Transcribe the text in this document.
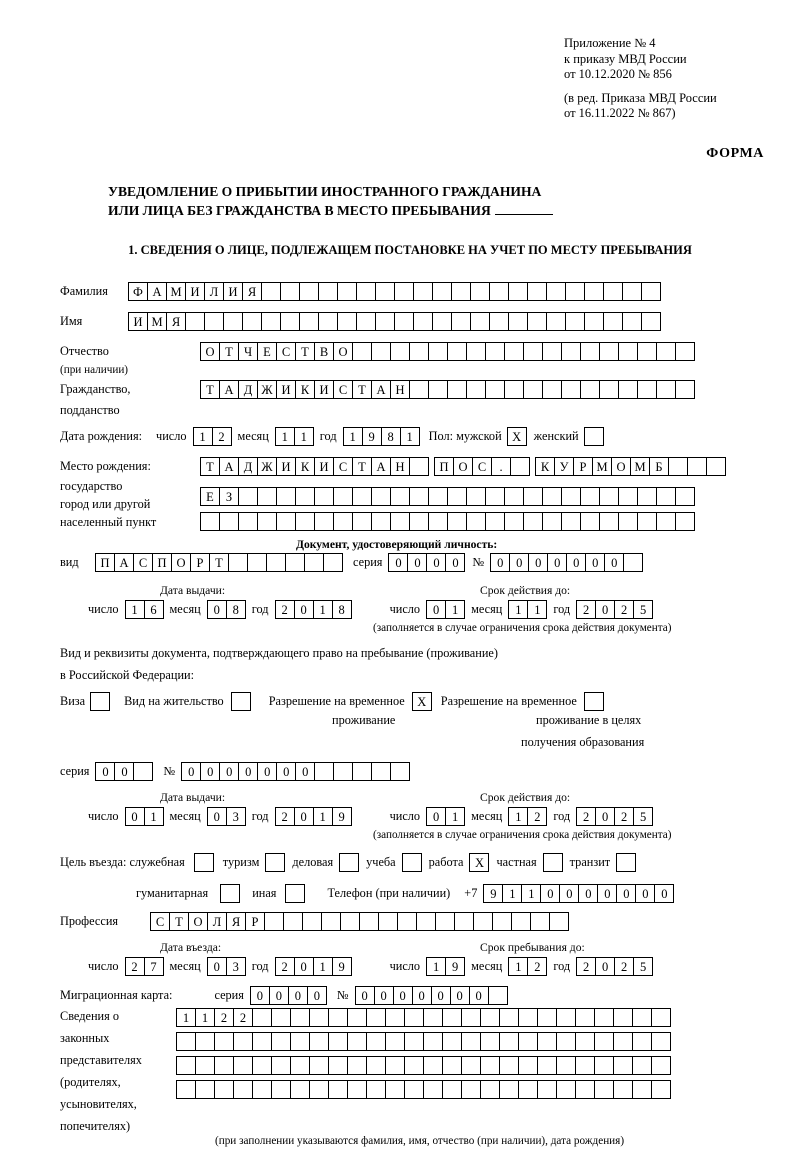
Приложение № 4
к приказу МВД России
от 10.12.2020 № 856
(в ред. Приказа МВД России
от 16.11.2022 № 867)
ФОРМА
УВЕДОМЛЕНИЕ О ПРИБЫТИИ ИНОСТРАННОГО ГРАЖДАНИНА
ИЛИ ЛИЦА БЕЗ ГРАЖДАНСТВА В МЕСТО ПРЕБЫВАНИЯ
1. СВЕДЕНИЯ О ЛИЦЕ, ПОДЛЕЖАЩЕМ ПОСТАНОВКЕ НА УЧЕТ ПО МЕСТУ ПРЕБЫВАНИЯ
Фамилия	Ф А М И Л И Я
Имя	И М Я
Отчество	О Т Ч Е С Т В О
(при наличии)
Гражданство,	Т А Д Ж И К И С Т А Н
подданство
Дата рождения: число	1	2	месяц	1	1	год	1	9	8	1	Пол: мужской X	женский
Место рождения:	Т А Д Ж И К И С Т А Н	П О С	.	К У Р М О М Б
государство
Е З
город или другой
населенный пункт
Документ, удостоверяющий личность:
вид	П А С П О Р Т	серия	0	0	0	0	№	0	0	0	0	0	0	0
Дата выдачи:	Срок действия до:
число	1	6	месяц	0	8	год	2	0	1	8	число	0	1	месяц	1	1	год	2	0	2	5
(заполняется в случае ограничения срока действия документа)
Вид и реквизиты документа, подтверждающего право на пребывание (проживание)
в Российской Федерации:
Виза	Вид на жительство	Разрешение на временное X	Разрешение на временное
проживание	проживание в целях
получения образования
серия	0	0	№	0	0	0	0	0	0	0
Дата выдачи:	Срок действия до:
число	0	1	месяц	0	3	год	2	0	1	9	число	0	1	месяц	1	2	год	2	0	2	5
(заполняется в случае ограничения срока действия документа)
Цель въезда: служебная	туризм	деловая	учеба	работа X	частная	транзит
гуманитарная	иная	Телефон (при наличии) +7	9	1	1	0	0	0	0	0	0	0
Профессия	С Т О Л Я Р
Дата въезда:	Срок пребывания до:
число	2	7	месяц	0	3	год	2	0	1	9	число	1	9	месяц	1	2	год	2	0	2	5
Миграционная карта:	серия	0	0	0	0	№	0	0	0	0	0	0	0
Сведения о
законных
представителях
(родителях,
усыновителях,
попечителях)
1	1	2	2
(при заполнении указываются фамилия, имя, отчество (при наличии), дата рождения)
